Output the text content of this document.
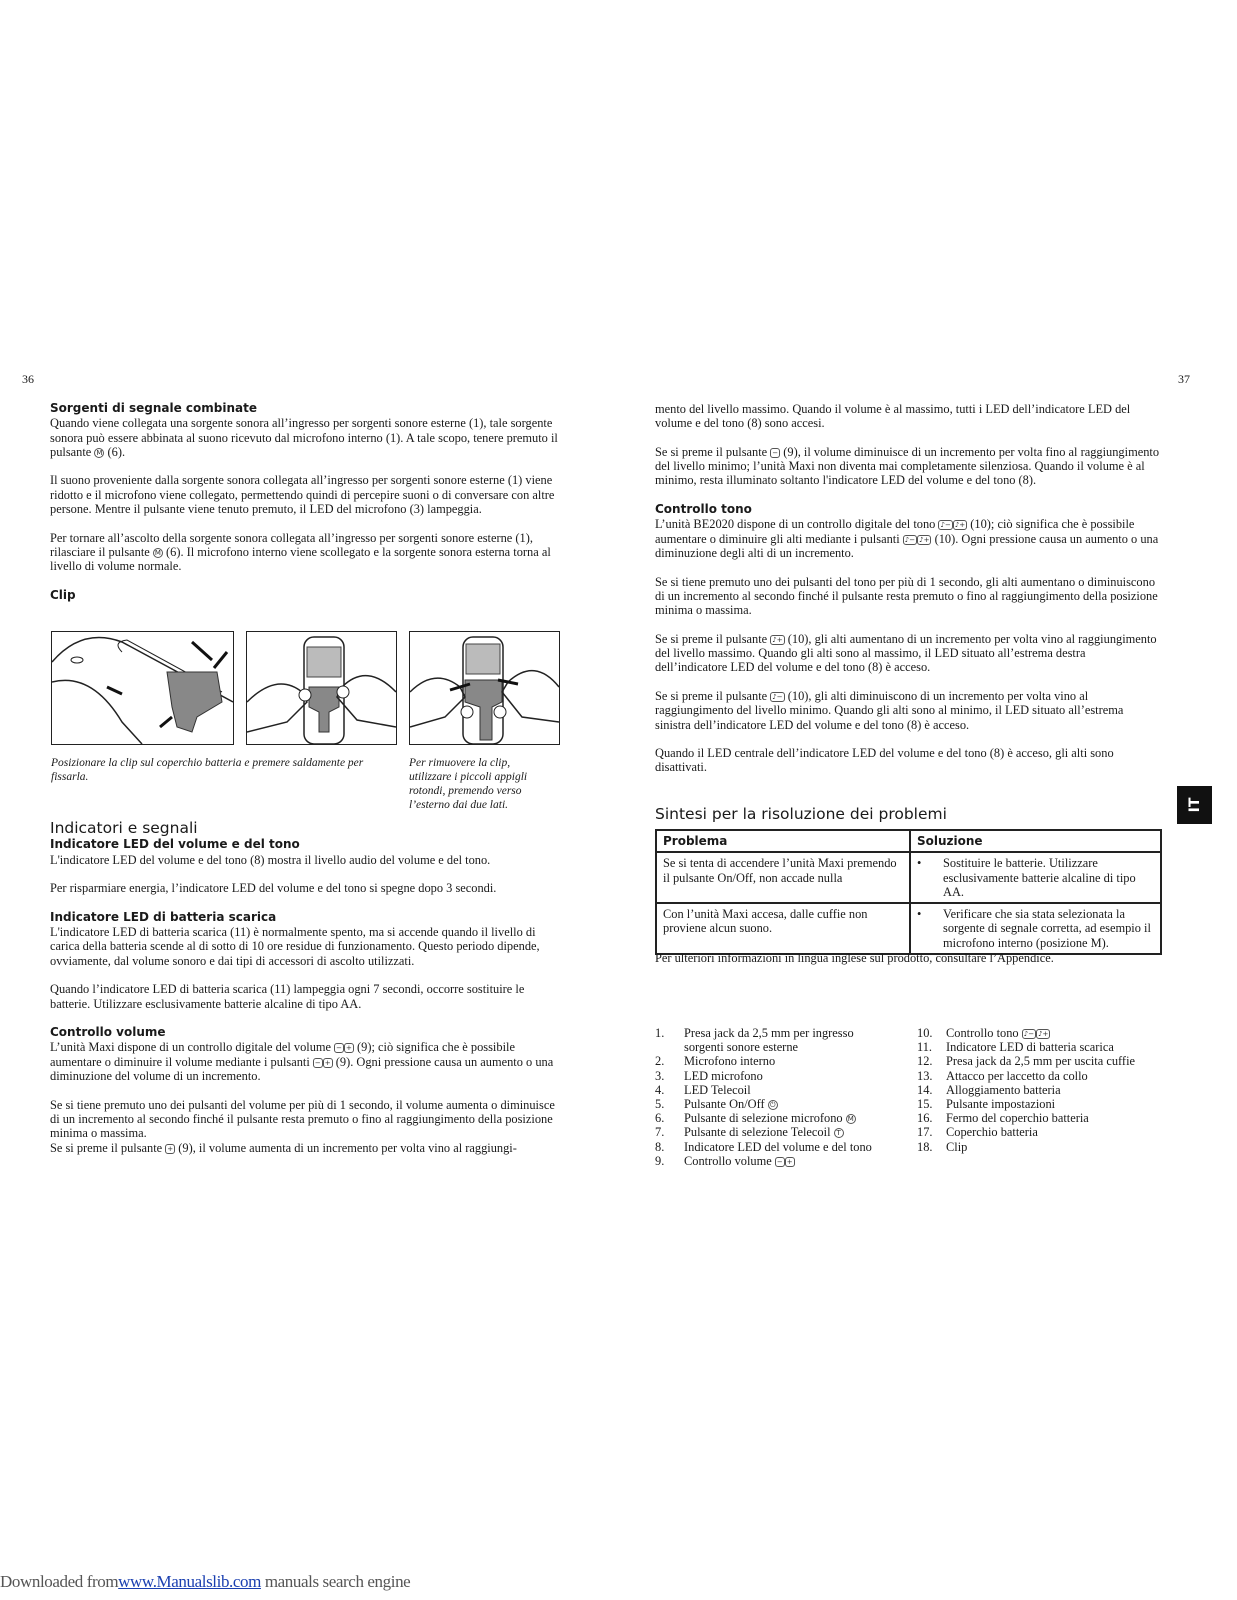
36
Sorgenti di segnale combinate

Quando viene collegata una sorgente sonora all’ingresso per sorgenti sonore esterne (1), tale sorgente sonora può essere abbinata al suono ricevuto dal microfono interno (1). A tale scopo, tenere premuto il pulsante M (6).

Il suono proveniente dalla sorgente sonora collegata all’ingresso per sorgenti sonore esterne (1) viene ridotto e il microfono viene collegato, permettendo quindi di percepire suoni o di conversare con altre persone. Mentre il pulsante viene tenuto premuto, il LED del microfono (3) lampeggia.

Per tornare all’ascolto della sorgente sonora collegata all’ingresso per sorgenti sonore esterne (1), rilasciare il pulsante M (6). Il microfono interno viene scollegato e la sorgente sonora esterna torna al livello di volume normale.

Clip
Posizionare la clip sul coperchio batteria e premere saldamente per fissarla.
Per rimuovere la clip, utilizzare i piccoli appigli rotondi, premendo verso l’esterno dai due lati.
Indicatori e segnali
Indicatore LED del volume e del tono

L'indicatore LED del volume e del tono (8) mostra il livello audio del volume e del tono.

Per risparmiare energia, l’indicatore LED del volume e del tono si spegne dopo 3 secondi.

Indicatore LED di batteria scarica

L'indicatore LED di batteria scarica (11) è normalmente spento, ma si accende quando il livello di carica della batteria scende al di sotto di 10 ore residue di funzionamento. Questo periodo dipende, ovviamente, dal volume sonoro e dai tipi di accessori di ascolto utilizzati.

Quando l’indicatore LED di batteria scarica (11) lampeggia ogni 7 secondi, occorre sostituire le batterie. Utilizzare esclusivamente batterie alcaline di tipo AA.

Controllo volume

L’unità Maxi dispone di un controllo digitale del volume − + (9); ciò significa che è possibile aumentare o diminuire il volume mediante i pulsanti − + (9). Ogni pressione causa un aumento o una diminuzione del volume di un incremento.

Se si tiene premuto uno dei pulsanti del volume per più di 1 secondo, il volume aumenta o diminuisce di un incremento al secondo finché il pulsante resta premuto o fino al raggiungimento della posizione minima o massima.

Se si preme il pulsante + (9), il volume aumenta di un incremento per volta vino al raggiungi-

37

mento del livello massimo. Quando il volume è al massimo, tutti i LED dell’indicatore LED del volume e del tono (8) sono accesi.

Se si preme il pulsante − (9), il volume diminuisce di un incremento per volta fino al raggiungimento del livello minimo; l’unità Maxi non diventa mai completamente silenziosa. Quando il volume è al minimo, resta illuminato soltanto l'indicatore LED del volume e del tono (8).

Controllo tono

L’unità BE2020 dispone di un controllo digitale del tono ♪− ♪+ (10); ciò significa che è possibile aumentare o diminuire gli alti mediante i pulsanti ♪− ♪+ (10). Ogni pressione causa un aumento o una diminuzione degli alti di un incremento.

Se si tiene premuto uno dei pulsanti del tono per più di 1 secondo, gli alti aumentano o diminuiscono di un incremento al secondo finché il pulsante resta premuto o fino al raggiungimento della posizione minima o massima.

Se si preme il pulsante ♪+ (10), gli alti aumentano di un incremento per volta vino al raggiungimento del livello massimo. Quando gli alti sono al massimo, il LED situato all’estrema destra dell’indicatore LED del volume e del tono (8) è acceso.

Se si preme il pulsante ♪− (10), gli alti diminuiscono di un incremento per volta vino al raggiungimento del livello minimo. Quando gli alti sono al minimo, il LED situato all’estrema sinistra dell’indicatore LED del volume e del tono (8) è acceso.

Quando il LED centrale dell’indicatore LED del volume e del tono (8) è acceso, gli alti sono disattivati.

Sintesi per la risoluzione dei problemi
Problema	Soluzione
Se si tenta di accendere l’unità Maxi premendo il pulsante On/Off, non accade nulla	• Sostituire le batterie. Utilizzare esclusivamente batterie alcaline di tipo AA.

Con l’unità Maxi accesa, dalle cuffie non proviene alcun suono.	• Verificare che sia stata selezionata la sorgente di segnale corretta, ad esempio il microfono interno (posizione M).
Per ulteriori informazioni in lingua inglese sul prodotto, consultare l’Appendice.
1.	Presa jack da 2,5 mm per ingresso sorgenti sonore esterne
2.	Microfono interno
3.	LED microfono
4.	LED Telecoil
5.	Pulsante On/Off ⏻
6.	Pulsante di selezione microfono M
7.	Pulsante di selezione Telecoil T
8.	Indicatore LED del volume e del tono
9.	Controllo volume − +
10.	Controllo tono ♪− ♪+
11.	Indicatore LED di batteria scarica
12.	Presa jack da 2,5 mm per uscita cuffie
13.	Attacco per laccetto da collo
14.	Alloggiamento batteria
15.	Pulsante impostazioni
16.	Fermo del coperchio batteria
17.	Coperchio batteria
18.	Clip
IT
Downloaded fromwww.Manualslib.com manuals search engine
